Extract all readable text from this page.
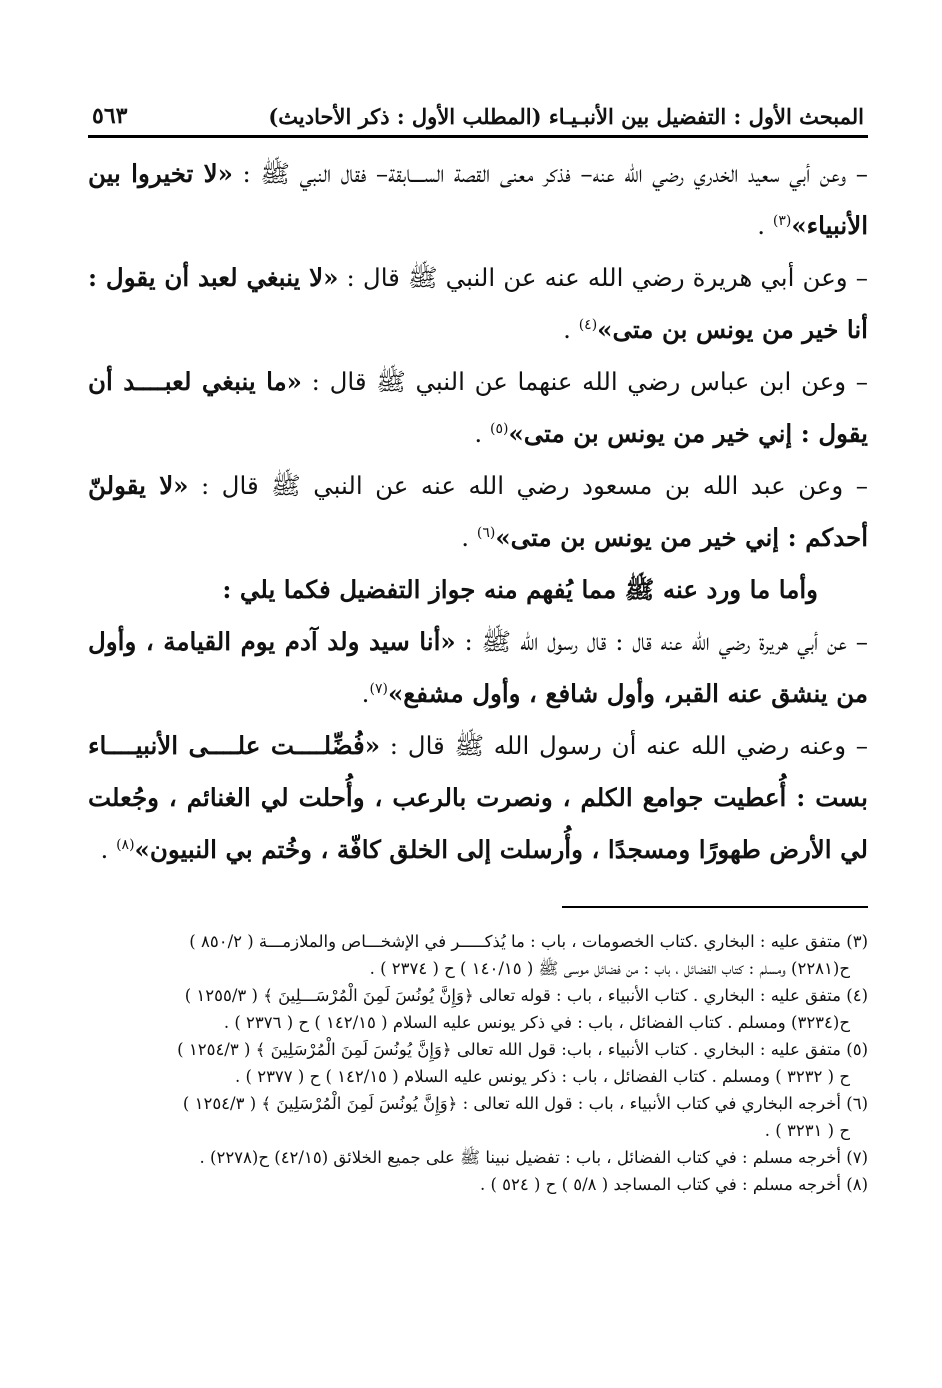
المبحث الأول : التفضيل بين الأنبـيـاء (المطلب الأول : ذكر الأحاديث)
٥٦٣

– وعن أبي سعيد الخدري رضي الله عنه– فذكر معنى القصة الســــابقة– فقال النبي ﷺ : «لا تخيروا بين الأنبياء»$^{(٣)}$ .

– وعن أبي هريرة رضي الله عنه عن النبي ﷺ قال : «لا ينبغي لعبد أن يقول : أنا خير من يونس بن متى»$^{(٤)}$ .

– وعن ابن عباس رضي الله عنهما عن النبي ﷺ قال : «ما ينبغي لعبــــد أن يقول : إني خير من يونس بن متى»$^{(٥)}$ .

– وعن عبد الله بن مسعود رضي الله عنه عن النبي ﷺ قال : «لا يقولنّ أحدكم : إني خير من يونس بن متى»$^{(٦)}$ .

وأما ما ورد عنه ﷺ مما يُفهم منه جواز التفضيل فكما يلي :

– عن أبي هريرة رضي الله عنه قال : قال رسول الله ﷺ : «أنا سيد ولد آدم يوم القيامة ، وأول من ينشق عنه القبر، وأول شافع ، وأول مشفع»$^{(٧)}$.

– وعنه رضي الله عنه أن رسول الله ﷺ قال : «فُضِّلــــت علــــى الأنبيــــاء بست : أُعطيت جوامع الكلم ، ونصرت بالرعب ، وأُحلت لي الغنائم ، وجُعلت لي الأرض طهورًا ومسجدًا ، وأُرسلت إلى الخلق كافّة ، وخُتم بي النبيون»$^{(٨)}$ .

(٣) متفق عليه : البخاري .كتاب الخصومات ، باب : ما يُذكـــــر في الإشخـــاص والملازمـــة ( ٨٥٠/٢ )
ح(٢٢٨١) ومسلم : كتاب الفضائل ، باب : من فضائل موسى ﷺ ( ١٤٠/١٥ ) ح ( ٢٣٧٤ ) .

(٤) متفق عليه : البخاري . كتاب الأنبياء ، باب : قوله تعالى ﴿وَإِنَّ يُونُسَ لَمِنَ الْمُرْسَـــلِينَ ﴾ ( ١٢٥٥/٣ )
ح(٣٢٣٤) ومسلم . كتاب الفضائل ، باب : في ذكر يونس عليه السلام ( ١٤٢/١٥ ) ح ( ٢٣٧٦ ) .

(٥) متفق عليه : البخاري . كتاب الأنبياء ، باب: قول الله تعالى ﴿وَإِنَّ يُونُسَ لَمِنَ الْمُرْسَلِينَ ﴾ ( ١٢٥٤/٣ )
ح ( ٣٢٣٢ ) ومسلم . كتاب الفضائل ، باب : ذكر يونس عليه السلام ( ١٤٢/١٥ ) ح ( ٢٣٧٧ ) .

(٦) أخرجه البخاري في كتاب الأنبياء ، باب : قول الله تعالى : ﴿وَإِنَّ يُونُسَ لَمِنَ الْمُرْسَلِينَ ﴾ ( ١٢٥٤/٣ )
ح ( ٣٢٣١ ) .

(٧) أخرجه مسلم : في كتاب الفضائل ، باب : تفضيل نبينا ﷺ على جميع الخلائق (٤٢/١٥) ح(٢٢٧٨) .

(٨) أخرجه مسلم : في كتاب المساجد ( ٥/٨ ) ح ( ٥٢٤ ) .
